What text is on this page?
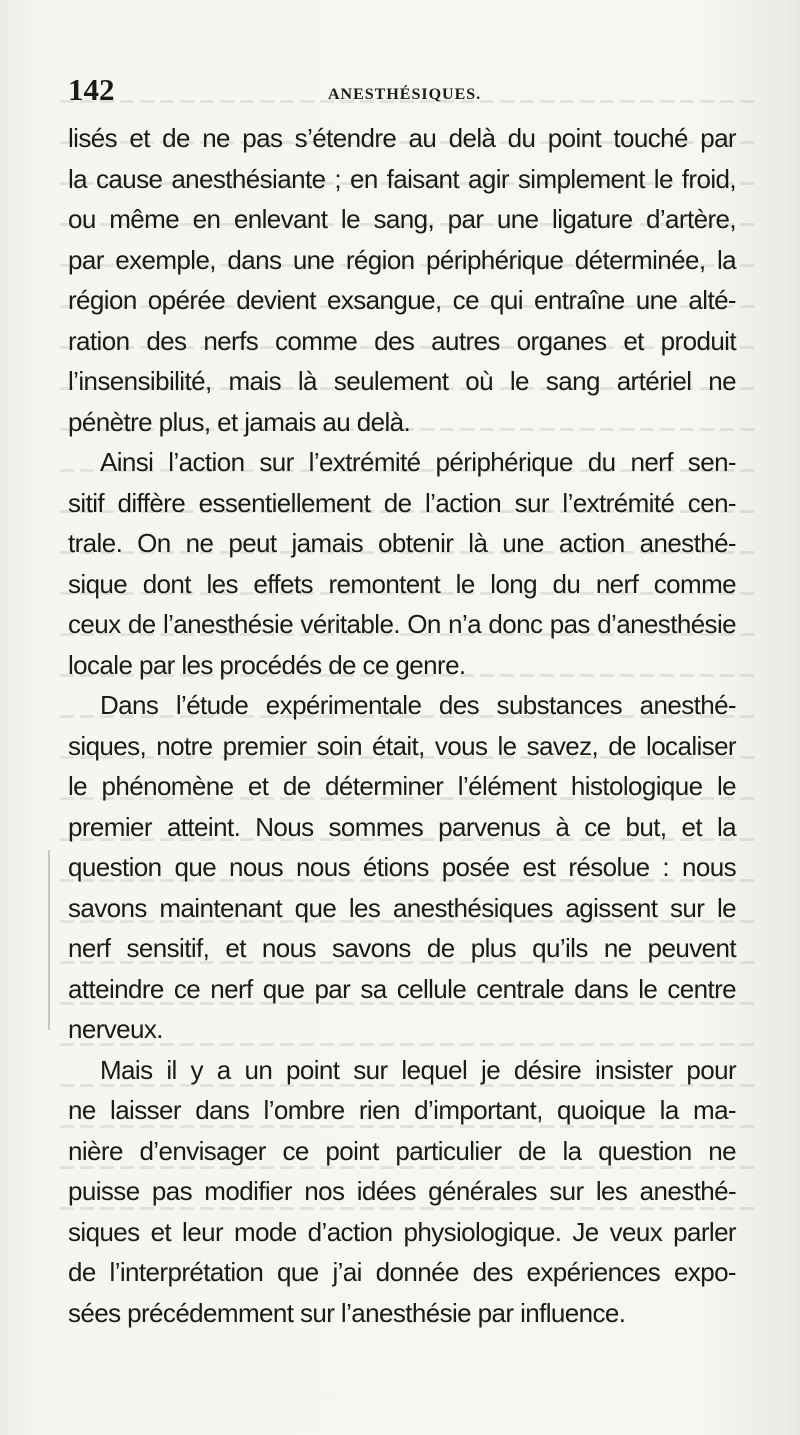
142	ANESTHÉSIQUES.
lisés et de ne pas s’étendre au delà du point touché par
la cause anesthésiante ; en faisant agir simplement le froid,
ou même en enlevant le sang, par une ligature d’artère,
par exemple, dans une région périphérique déterminée, la
région opérée devient exsangue, ce qui entraîne une alté-
ration des nerfs comme des autres organes et produit
l’insensibilité, mais là seulement où le sang artériel ne
pénètre plus, et jamais au delà.
Ainsi l’action sur l’extrémité périphérique du nerf sen-
sitif diffère essentiellement de l’action sur l’extrémité cen-
trale. On ne peut jamais obtenir là une action anesthé-
sique dont les effets remontent le long du nerf comme
ceux de l’anesthésie véritable. On n’a donc pas d’anesthésie
locale par les procédés de ce genre.
Dans l’étude expérimentale des substances anesthé-
siques, notre premier soin était, vous le savez, de localiser
le phénomène et de déterminer l’élément histologique le
premier atteint. Nous sommes parvenus à ce but, et la
question que nous nous étions posée est résolue : nous
savons maintenant que les anesthésiques agissent sur le
nerf sensitif, et nous savons de plus qu’ils ne peuvent
atteindre ce nerf que par sa cellule centrale dans le centre
nerveux.
Mais il y a un point sur lequel je désire insister pour
ne laisser dans l’ombre rien d’important, quoique la ma-
nière d’envisager ce point particulier de la question ne
puisse pas modifier nos idées générales sur les anesthé-
siques et leur mode d’action physiologique. Je veux parler
de l’interprétation que j’ai donnée des expériences expo-
sées précédemment sur l’anesthésie par influence.
